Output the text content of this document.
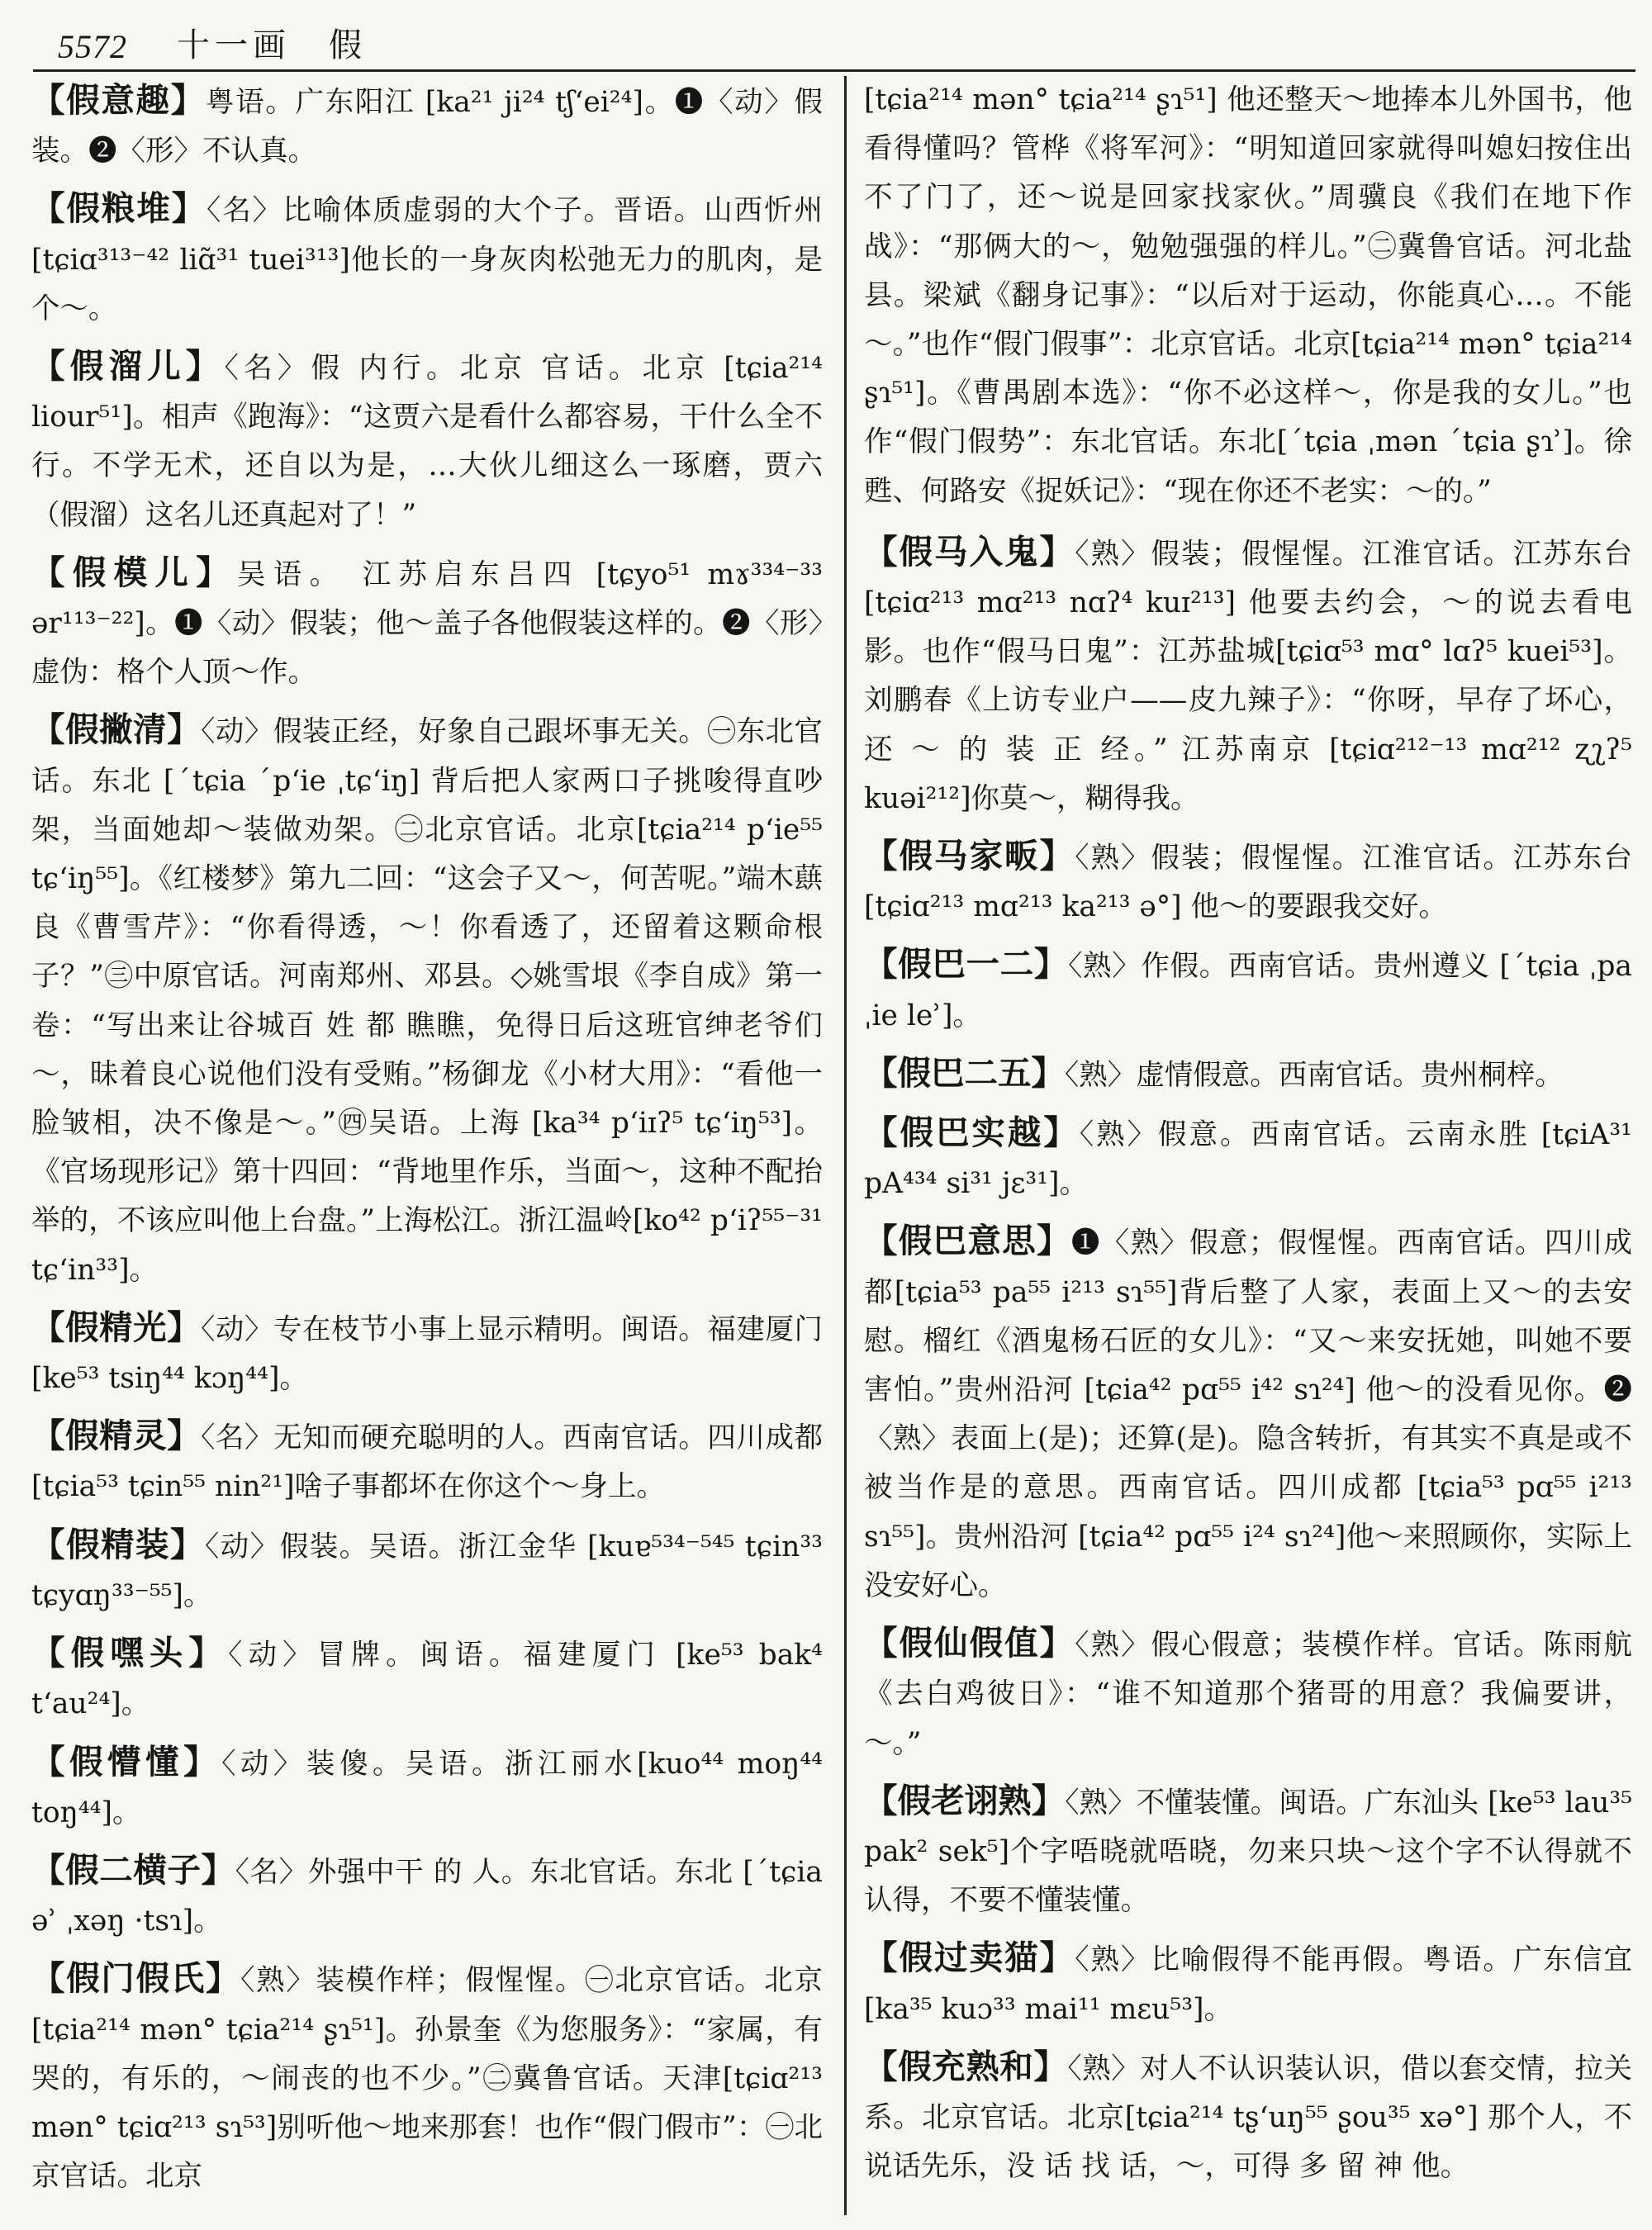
5572 十一画　假

【假意趣】粤语。广东阳江 [ka²¹ ji²⁴ tʃ‘ei²⁴]。❶〈动〉假装。❷〈形〉不认真。

【假粮堆】〈名〉比喻体质虚弱的大个子。晋语。山西忻州 [tɕiɑ³¹³⁻⁴² liɑ̃³¹ tuei³¹³]他长的一身灰肉松弛无力的肌肉，是个～。

【假溜儿】〈名〉假 内行。北京 官话。北京 [tɕia²¹⁴ liour⁵¹]。相声《跑海》：“这贾六是看什么都容易，干什么全不行。不学无术，还自以为是，…大伙儿细这么一琢磨，贾六（假溜）这名儿还真起对了！”

【假模儿】吴语。 江苏启东吕四 [tɕyo⁵¹ mɤ³³⁴⁻³³ ər¹¹³⁻²²]。❶〈动〉假装；他～盖子各他假装这样的。❷〈形〉虚伪：格个人顶～作。

【假撇清】〈动〉假装正经，好象自己跟坏事无关。㊀东北官话。东北 [ˊtɕia ˊp‘ie ˌtɕ‘iŋ] 背后把人家两口子挑唆得直吵架，当面她却～装做劝架。㊁北京官话。北京[tɕia²¹⁴ p‘ie⁵⁵ tɕ‘iŋ⁵⁵]。《红楼梦》第九二回：“这会子又～，何苦呢。”端木蕻良《曹雪芹》：“你看得透，～！你看透了，还留着这颗命根子？”㊂中原官话。河南郑州、邓县。◇姚雪垠《李自成》第一卷：“写出来让谷城百 姓 都 瞧瞧，免得日后这班官绅老爷们～，昧着良心说他们没有受贿。”杨御龙《小材大用》：“看他一脸皱相，决不像是～。”㊃吴语。上海 [ka³⁴ p‘iɪʔ⁵ tɕ‘iŋ⁵³]。《官场现形记》第十四回：“背地里作乐，当面～，这种不配抬举的，不该应叫他上台盘。”上海松江。浙江温岭[ko⁴² p‘iʔ⁵⁵⁻³¹ tɕ‘in³³]。

【假精光】〈动〉专在枝节小事上显示精明。闽语。福建厦门 [ke⁵³ tsiŋ⁴⁴ kɔŋ⁴⁴]。

【假精灵】〈名〉无知而硬充聪明的人。西南官话。四川成都[tɕia⁵³ tɕin⁵⁵ nin²¹]啥子事都坏在你这个～身上。

【假精装】〈动〉假装。吴语。浙江金华 [kuɐ⁵³⁴⁻⁵⁴⁵ tɕin³³ tɕyɑŋ³³⁻⁵⁵]。

【假嘿头】〈动〉冒牌。闽语。福建厦门 [ke⁵³ bak⁴ t‘au²⁴]。

【假懵懂】〈动〉装傻。吴语。浙江丽水[kuo⁴⁴ moŋ⁴⁴ toŋ⁴⁴]。

【假二横子】〈名〉外强中干 的 人。东北官话。东北 [ˊtɕia əʾ ˌxəŋ ·tsɿ]。

【假门假氏】〈熟〉装模作样；假惺惺。㊀北京官话。北京[tɕia²¹⁴ mən° tɕia²¹⁴ ʂɿ⁵¹]。孙景奎《为您服务》：“家属，有哭的，有乐的，～闹丧的也不少。”㊁冀鲁官话。天津[tɕiɑ²¹³ mən° tɕiɑ²¹³ sɿ⁵³]别听他～地来那套！也作“假门假市”：㊀北京官话。北京

[tɕia²¹⁴ mən° tɕia²¹⁴ ʂɿ⁵¹] 他还整天～地捧本儿外国书，他看得懂吗？管桦《将军河》：“明知道回家就得叫媳妇按住出不了门了，还～说是回家找家伙。”周骥良《我们在地下作战》：“那俩大的～，勉勉强强的样儿。”㊁冀鲁官话。河北盐县。梁斌《翻身记事》：“以后对于运动，你能真心…。不能～。”也作“假门假事”：北京官话。北京[tɕia²¹⁴ mən° tɕia²¹⁴ ʂɿ⁵¹]。《曹禺剧本选》：“你不必这样～，你是我的女儿。”也作“假门假势”：东北官话。东北[ˊtɕia ˌmən ˊtɕia ʂɿʾ]。徐甦、何路安《捉妖记》：“现在你还不老实：～的。”

【假马入鬼】〈熟〉假装；假惺惺。江淮官话。江苏东台[tɕiɑ²¹³ mɑ²¹³ nɑʔ⁴ kuɪ²¹³] 他要去约会，～的说去看电影。也作“假马日鬼”：江苏盐城[tɕiɑ⁵³ mɑ° lɑʔ⁵ kuei⁵³]。刘鹏春《上访专业户——皮九辣子》：“你呀，早存了坏心，还 ～ 的 装 正 经。” 江苏南京 [tɕiɑ²¹²⁻¹³ mɑ²¹² ʐʅʔ⁵ kuəi²¹²]你莫～，糊得我。

【假马家畈】〈熟〉假装；假惺惺。江淮官话。江苏东台[tɕiɑ²¹³ mɑ²¹³ ka²¹³ ə°] 他～的要跟我交好。

【假巴一二】〈熟〉作假。西南官话。贵州遵义 [ˊtɕia ˌpa ˌie leʾ]。

【假巴二五】〈熟〉虚情假意。西南官话。贵州桐梓。

【假巴实越】〈熟〉假意。西南官话。云南永胜 [tɕiA³¹ pA⁴³⁴ si³¹ jɛ³¹]。

【假巴意思】❶〈熟〉假意；假惺惺。西南官话。四川成都[tɕia⁵³ pa⁵⁵ i²¹³ sɿ⁵⁵]背后整了人家，表面上又～的去安慰。榴红《酒鬼杨石匠的女儿》：“又～来安抚她，叫她不要害怕。”贵州沿河 [tɕia⁴² pɑ⁵⁵ i⁴² sɿ²⁴] 他～的没看见你。❷〈熟〉表面上(是)；还算(是)。隐含转折，有其实不真是或不被当作是的意思。西南官话。四川成都 [tɕia⁵³ pɑ⁵⁵ i²¹³ sɿ⁵⁵]。贵州沿河 [tɕia⁴² pɑ⁵⁵ i²⁴ sɿ²⁴]他～来照顾你，实际上没安好心。

【假仙假值】〈熟〉假心假意；装模作样。官话。陈雨航《去白鸡彼日》：“谁不知道那个猪哥的用意？我偏要讲，～。”

【假老诩熟】〈熟〉不懂装懂。闽语。广东汕头 [ke⁵³ lau³⁵ pak² sek⁵]个字唔晓就唔晓，勿来只块～这个字不认得就不认得，不要不懂装懂。

【假过卖猫】〈熟〉比喻假得不能再假。粤语。广东信宜 [ka³⁵ kuɔ³³ mai¹¹ mɛu⁵³]。

【假充熟和】〈熟〉对人不认识装认识，借以套交情，拉关系。北京官话。北京[tɕia²¹⁴ tʂ‘uŋ⁵⁵ ʂou³⁵ xə°] 那个人，不说话先乐，没 话 找 话，～，可得 多 留 神 他。
